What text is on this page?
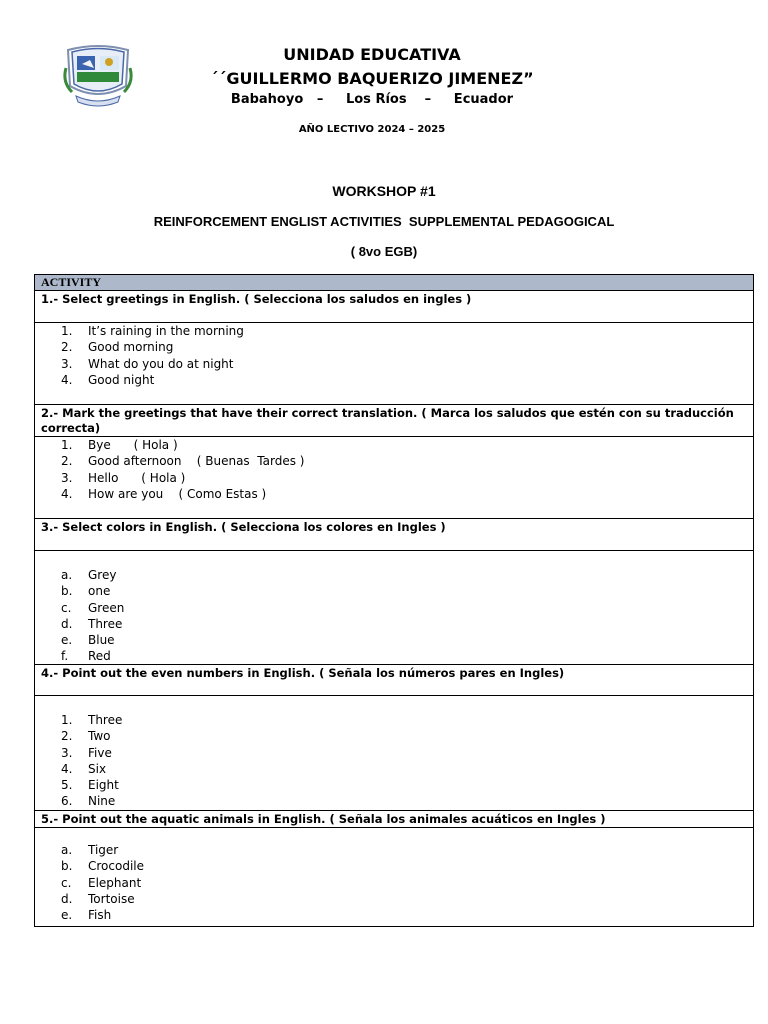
UNIDAD EDUCATIVA
´´GUILLERMO BAQUERIZO JIMENEZ”
Babahoyo   –     Los Ríos    –     Ecuador
AÑO LECTIVO 2024 – 2025
WORKSHOP #1
REINFORCEMENT ENGLIST ACTIVITIES  SUPPLEMENTAL PEDAGOGICAL
( 8vo EGB)
ACTIVITY
1.- Select greetings in English. ( Selecciona los saludos en ingles )
1.	It’s raining in the morning
2.	Good morning
3.	What do you do at night
4.	Good night
2.- Mark the greetings that have their correct translation. ( Marca los saludos que estén con su traducción correcta)
1.	Bye      ( Hola )
2.	Good afternoon    ( Buenas  Tardes )
3.	Hello      ( Hola )
4.	How are you    ( Como Estas )
3.- Select colors in English. ( Selecciona los colores en Ingles )
a.	Grey
b.	one
c.	Green
d.	Three
e.	Blue
f.	Red
4.- Point out the even numbers in English. ( Señala los números pares en Ingles)
1.	Three
2.	Two
3.	Five
4.	Six
5.	Eight
6.	Nine
5.- Point out the aquatic animals in English. ( Señala los animales acuáticos en Ingles )
a.	Tiger
b.	Crocodile
c.	Elephant
d.	Tortoise
e.	Fish
